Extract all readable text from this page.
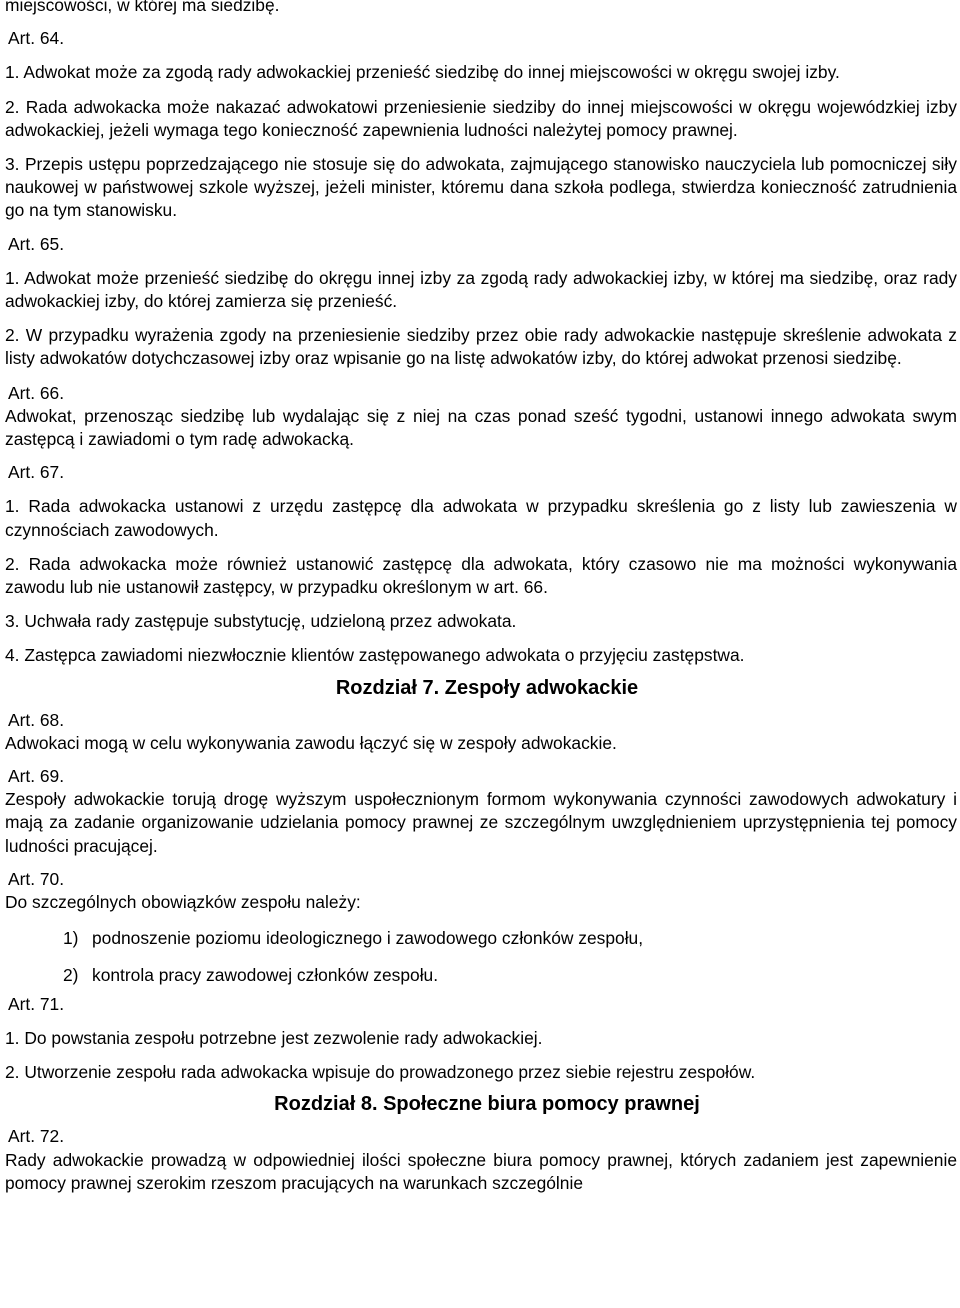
miejscowości, w której ma siedzibę.
Art. 64.
1. Adwokat może za zgodą rady adwokackiej przenieść siedzibę do innej miejscowości w okręgu swojej izby.
2. Rada adwokacka może nakazać adwokatowi przeniesienie siedziby do innej miejscowości w okręgu wojewódzkiej izby adwokackiej, jeżeli wymaga tego konieczność zapewnienia ludności należytej pomocy prawnej.
3. Przepis ustępu poprzedzającego nie stosuje się do adwokata, zajmującego stanowisko nauczyciela lub pomocniczej siły naukowej w państwowej szkole wyższej, jeżeli minister, któremu dana szkoła podlega, stwierdza konieczność zatrudnienia go na tym stanowisku.
Art. 65.
1. Adwokat może przenieść siedzibę do okręgu innej izby za zgodą rady adwokackiej izby, w której ma siedzibę, oraz rady adwokackiej izby, do której zamierza się przenieść.
2. W przypadku wyrażenia zgody na przeniesienie siedziby przez obie rady adwokackie następuje skreślenie adwokata z listy adwokatów dotychczasowej izby oraz wpisanie go na listę adwokatów izby, do której adwokat przenosi siedzibę.
Art. 66.
Adwokat, przenosząc siedzibę lub wydalając się z niej na czas ponad sześć tygodni, ustanowi innego adwokata swym zastępcą i zawiadomi o tym radę adwokacką.
Art. 67.
1. Rada adwokacka ustanowi z urzędu zastępcę dla adwokata w przypadku skreślenia go z listy lub zawieszenia w czynnościach zawodowych.
2. Rada adwokacka może również ustanowić zastępcę dla adwokata, który czasowo nie ma możności wykonywania zawodu lub nie ustanowił zastępcy, w przypadku określonym w art. 66.
3. Uchwała rady zastępuje substytucję, udzieloną przez adwokata.
4. Zastępca zawiadomi niezwłocznie klientów zastępowanego adwokata o przyjęciu zastępstwa.
Rozdział 7. Zespoły adwokackie
Art. 68.
Adwokaci mogą w celu wykonywania zawodu łączyć się w zespoły adwokackie.
Art. 69.
Zespoły adwokackie torują drogę wyższym uspołecznionym formom wykonywania czynności zawodowych adwokatury i mają za zadanie organizowanie udzielania pomocy prawnej ze szczególnym uwzględnieniem uprzystępnienia tej pomocy ludności pracującej.
Art. 70.
Do szczególnych obowiązków zespołu należy:
1) podnoszenie poziomu ideologicznego i zawodowego członków zespołu,
2) kontrola pracy zawodowej członków zespołu.
Art. 71.
1. Do powstania zespołu potrzebne jest zezwolenie rady adwokackiej.
2. Utworzenie zespołu rada adwokacka wpisuje do prowadzonego przez siebie rejestru zespołów.
Rozdział 8. Społeczne biura pomocy prawnej
Art. 72.
Rady adwokackie prowadzą w odpowiedniej ilości społeczne biura pomocy prawnej, których zadaniem jest zapewnienie pomocy prawnej szerokim rzeszom pracujących na warunkach szczególnie
